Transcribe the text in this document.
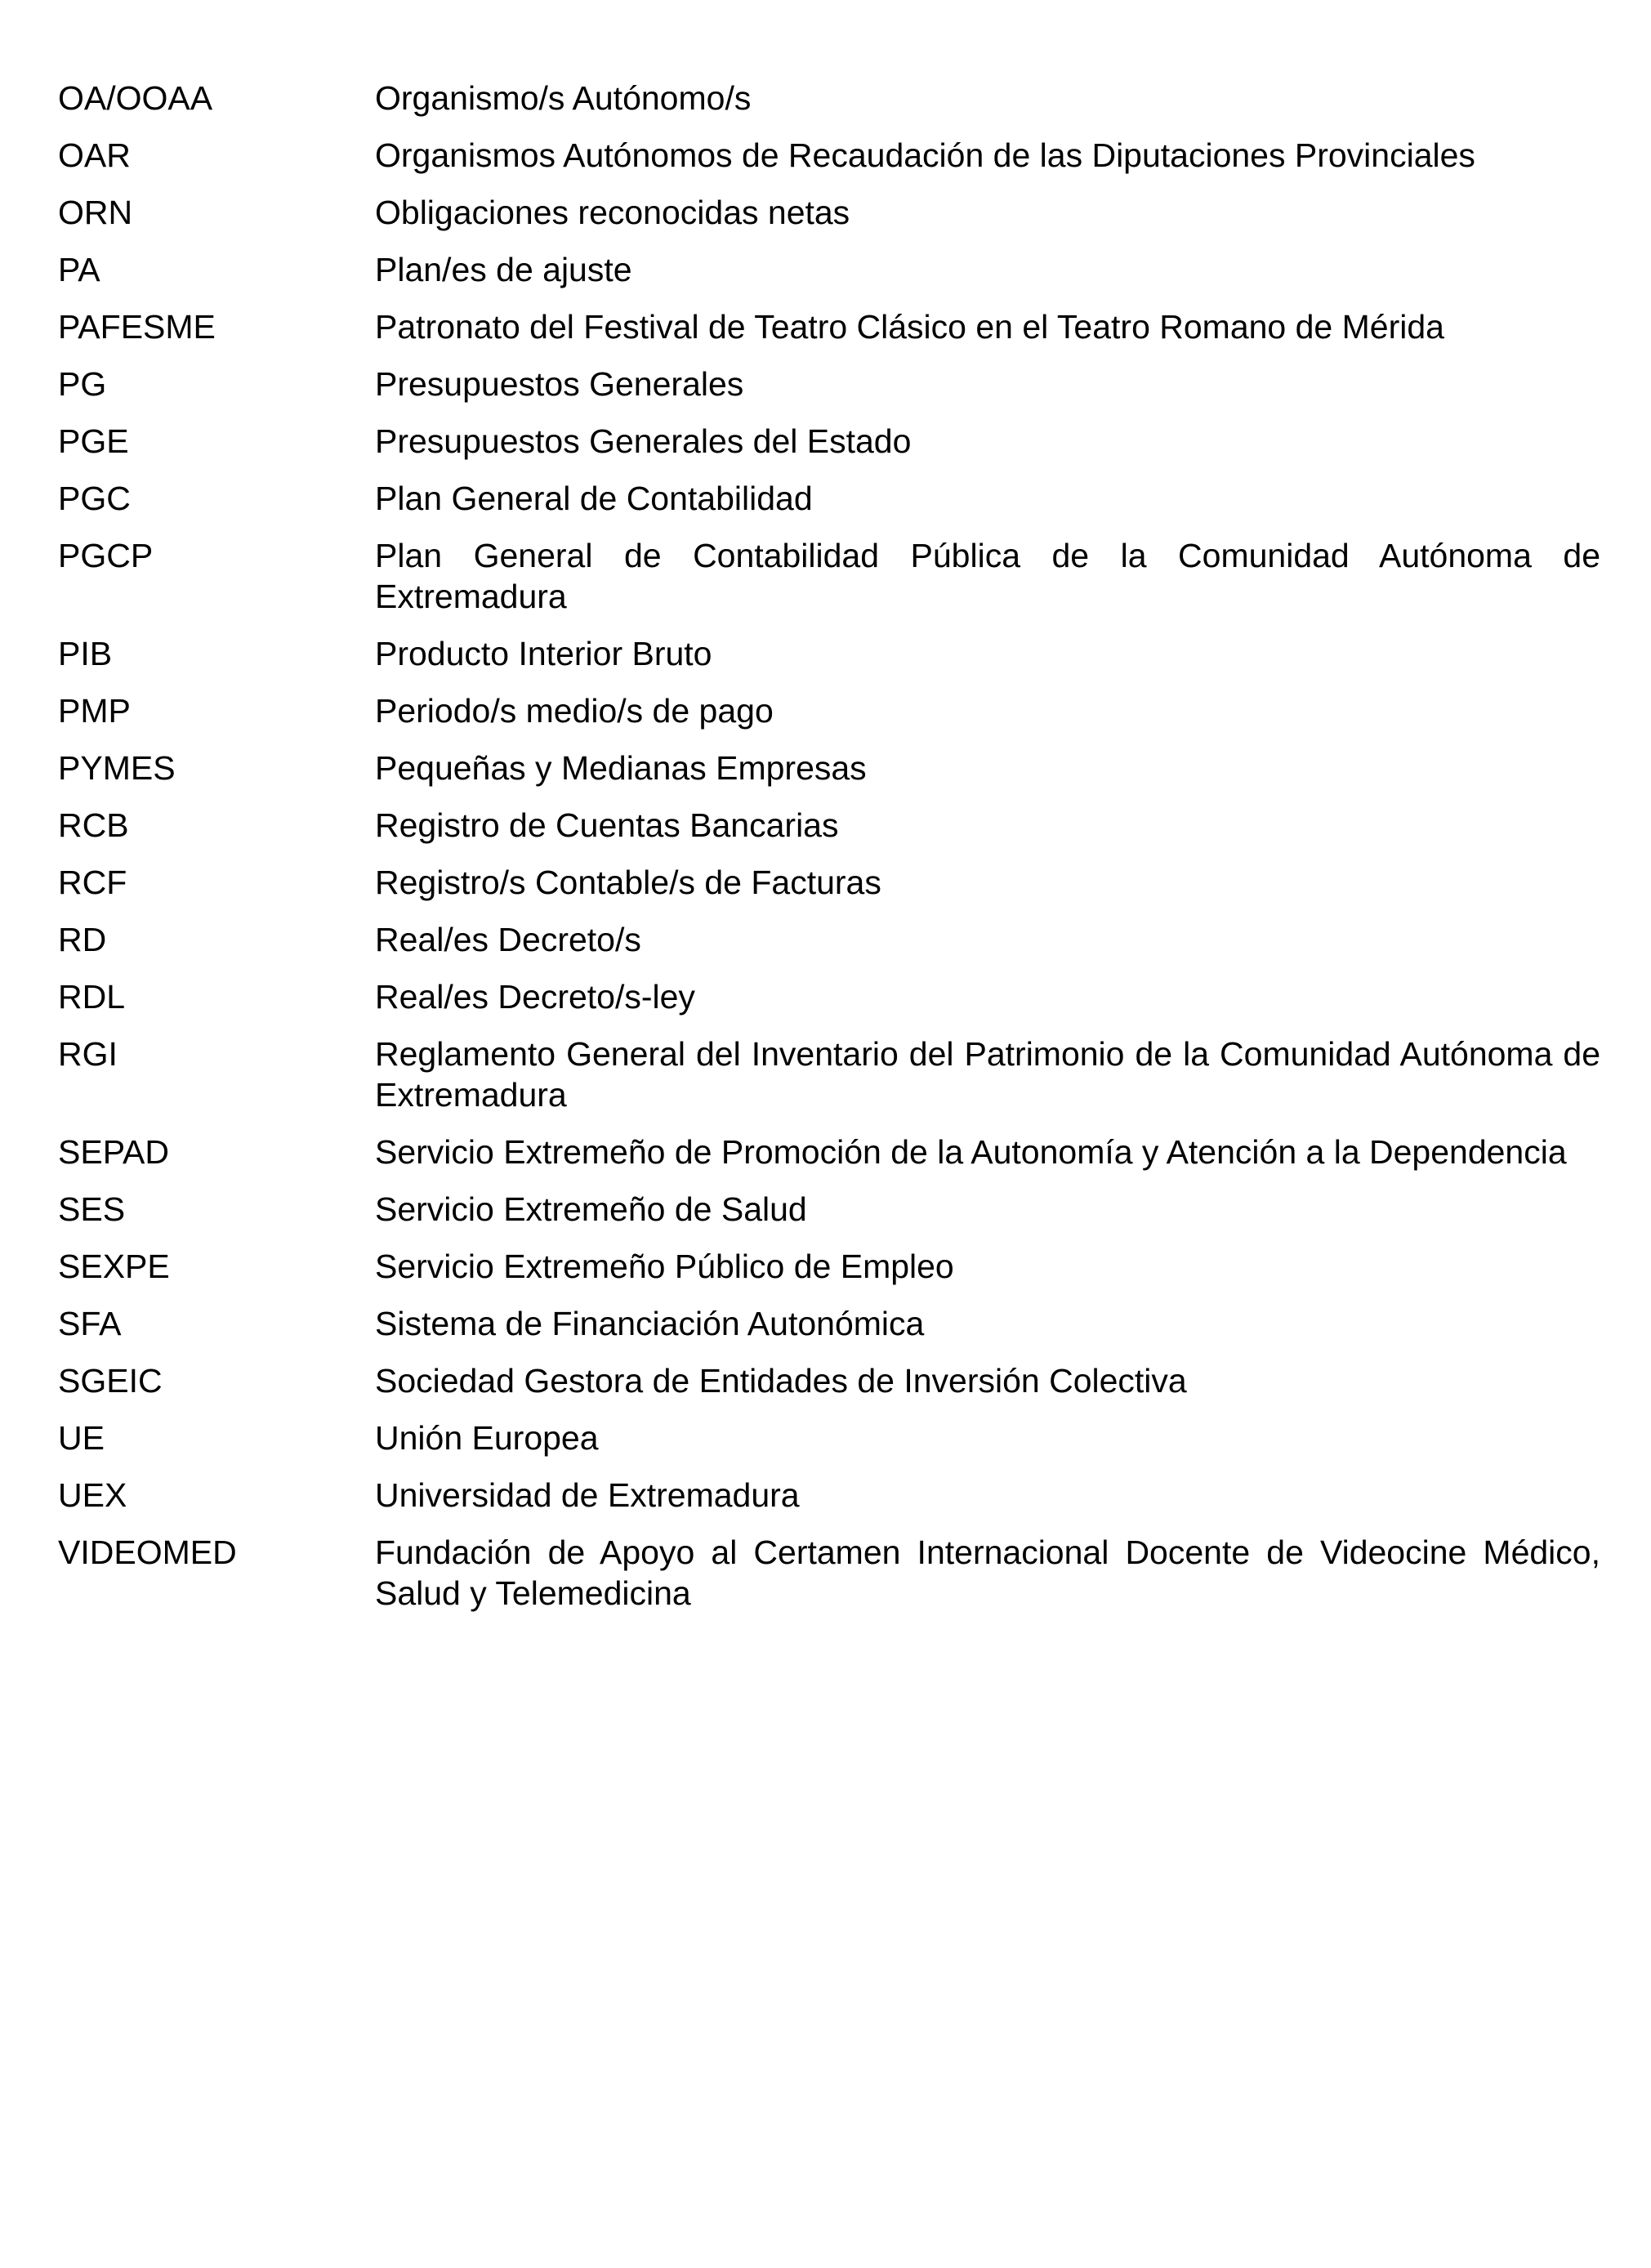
OA/OOAA	Organismo/s Autónomo/s
OAR	Organismos Autónomos de Recaudación de las Diputaciones Provinciales
ORN	Obligaciones reconocidas netas
PA	Plan/es de ajuste
PAFESME	Patronato del Festival de Teatro Clásico en el Teatro Romano de Mérida
PG	Presupuestos Generales
PGE	Presupuestos Generales del Estado
PGC	Plan General de Contabilidad
PGCP	Plan General de Contabilidad Pública de la Comunidad Autónoma de Extremadura
PIB	Producto Interior Bruto
PMP	Periodo/s medio/s de pago
PYMES	Pequeñas y Medianas Empresas
RCB	Registro de Cuentas Bancarias
RCF	Registro/s Contable/s de Facturas
RD	Real/es Decreto/s
RDL	Real/es Decreto/s-ley
RGI	Reglamento General del Inventario del Patrimonio de la Comunidad Autónoma de Extremadura
SEPAD	Servicio Extremeño de Promoción de la Autonomía y Atención a la Dependencia
SES	Servicio Extremeño de Salud
SEXPE	Servicio Extremeño Público de Empleo
SFA	Sistema de Financiación Autonómica
SGEIC	Sociedad Gestora de Entidades de Inversión Colectiva
UE	Unión Europea
UEX	Universidad de Extremadura
VIDEOMED	Fundación de Apoyo al Certamen Internacional Docente de Videocine Médico, Salud y Telemedicina
